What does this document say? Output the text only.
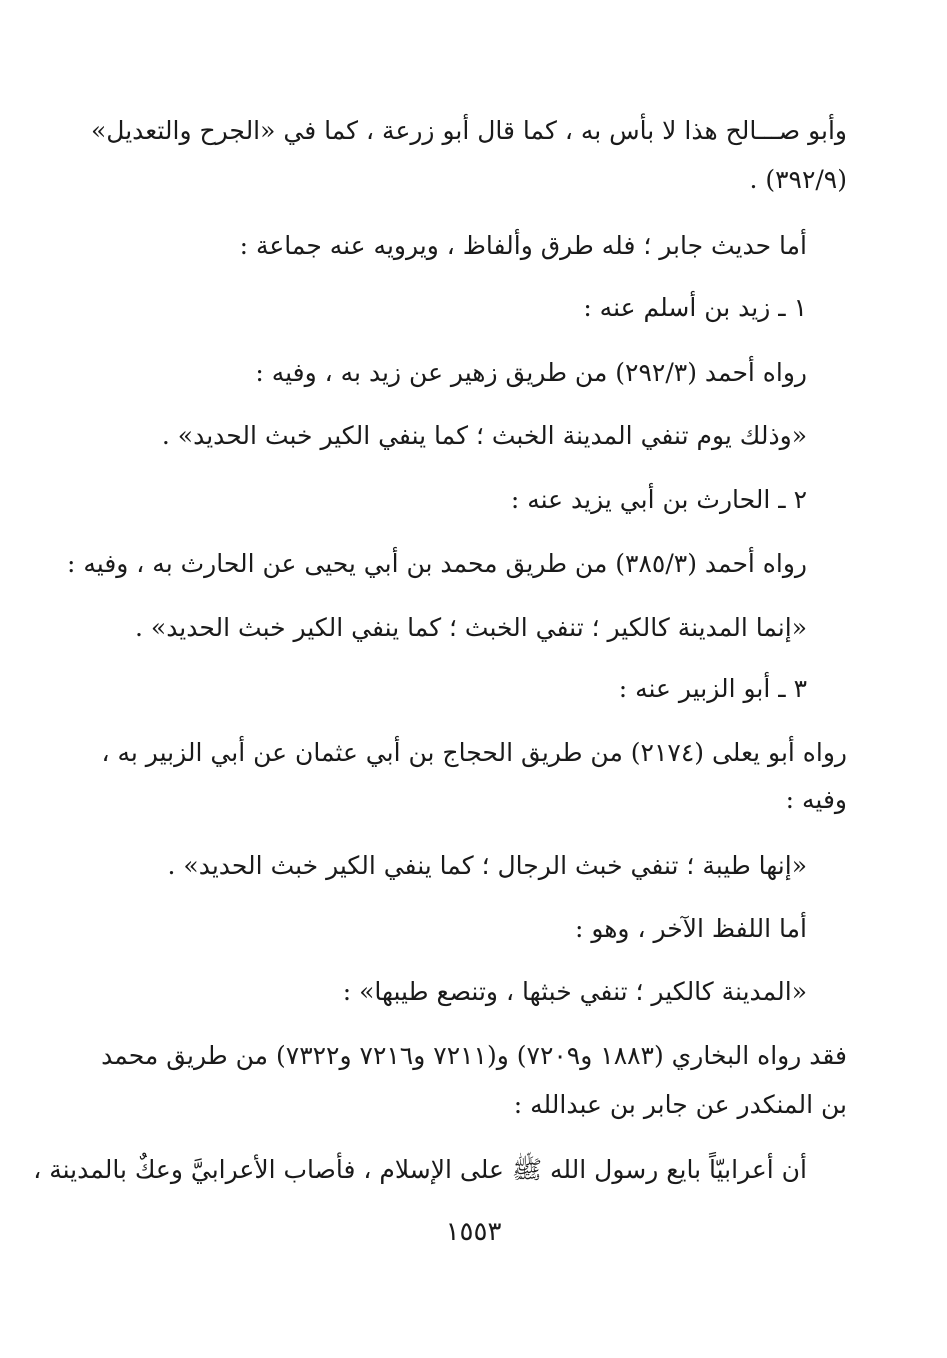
وأبو صـــالح هذا لا بأس به ، كما قال أبو زرعة ، كما في «الجرح والتعديل»
(٣٩٢/٩) .
أما حديث جابر ؛ فله طرق وألفاظ ، ويرويه عنه جماعة :
١ ـ زيد بن أسلم عنه :
رواه أحمد (٢٩٢/٣) من طريق زهير عن زيد به ، وفيه :
«وذلك يوم تنفي المدينة الخبث ؛ كما ينفي الكير خبث الحديد» .
٢ ـ الحارث بن أبي يزيد عنه :
رواه أحمد (٣٨٥/٣) من طريق محمد بن أبي يحيى عن الحارث به ، وفيه :
«إنما المدينة كالكير ؛ تنفي الخبث ؛ كما ينفي الكير خبث الحديد» .
٣ ـ أبو الزبير عنه :
رواه أبو يعلى (٢١٧٤) من طريق الحجاج بن أبي عثمان عن أبي الزبير به ،
وفيه :
«إنها طيبة ؛ تنفي خبث الرجال ؛ كما ينفي الكير خبث الحديد» .
أما اللفظ الآخر ، وهو :
«المدينة كالكير ؛ تنفي خبثها ، وتنصع طيبها» :
فقد رواه البخاري (١٨٨٣ و٧٢٠٩) و(٧٢١١ و٧٢١٦ و٧٣٢٢) من طريق محمد
بن المنكدر عن جابر بن عبدالله :
أن أعرابيّاً بايع رسول الله ﷺ على الإسلام ، فأصاب الأعرابيَّ وعكٌ بالمدينة ،
١٥٥٣
